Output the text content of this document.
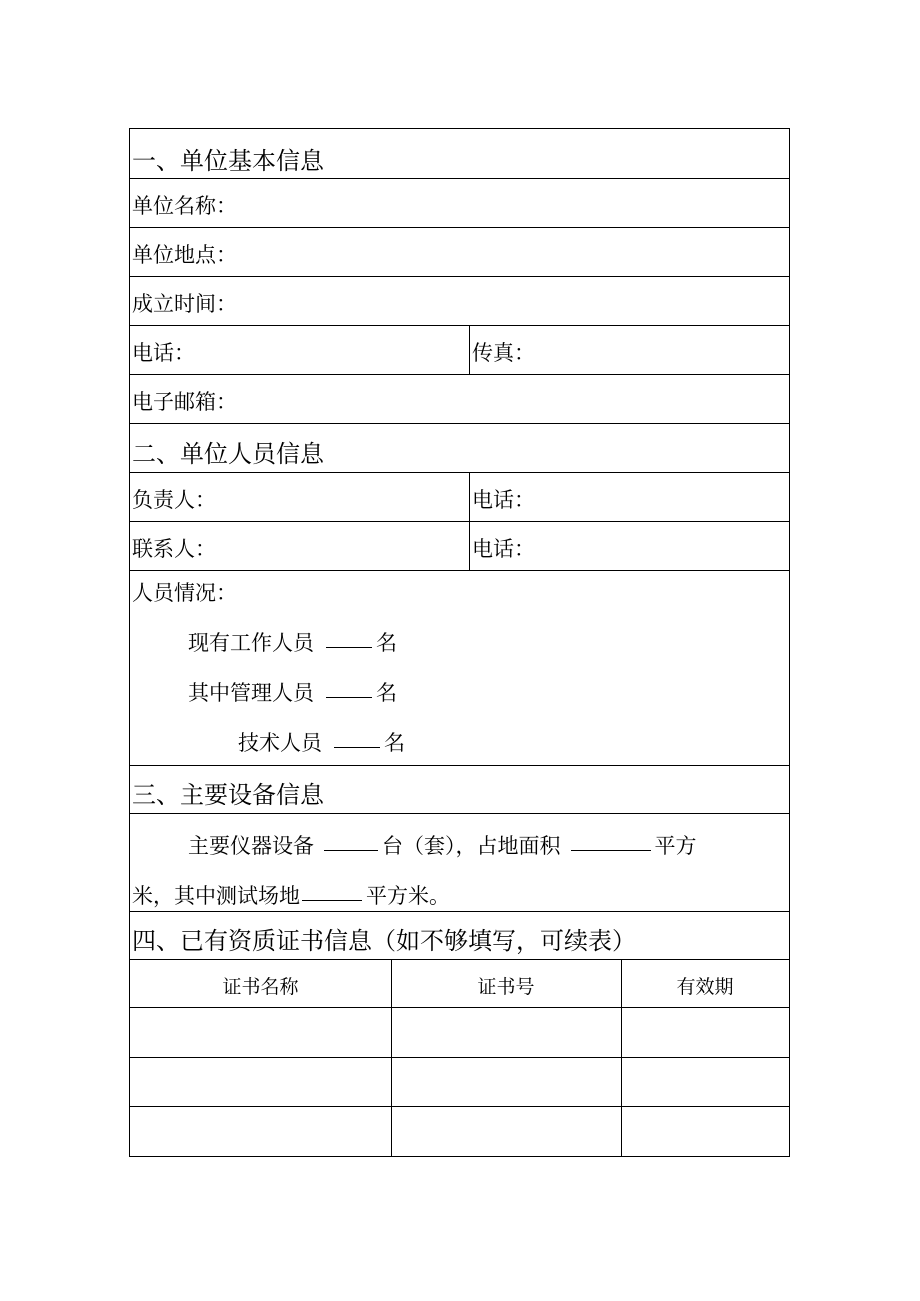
一、单位基本信息
单位名称：
单位地点：
成立时间：
电话：	传真：
电子邮箱：
二、单位人员信息
负责人：	电话：
联系人：	电话：
人员情况：
现有工作人员	名
其中管理人员	名
技术人员	名
三、主要设备信息
主要仪器设备	台（套），占地面积	平方
米，其中测试场地	平方米。
四、已有资质证书信息（如不够填写，可续表）
证书名称	证书号	有效期
